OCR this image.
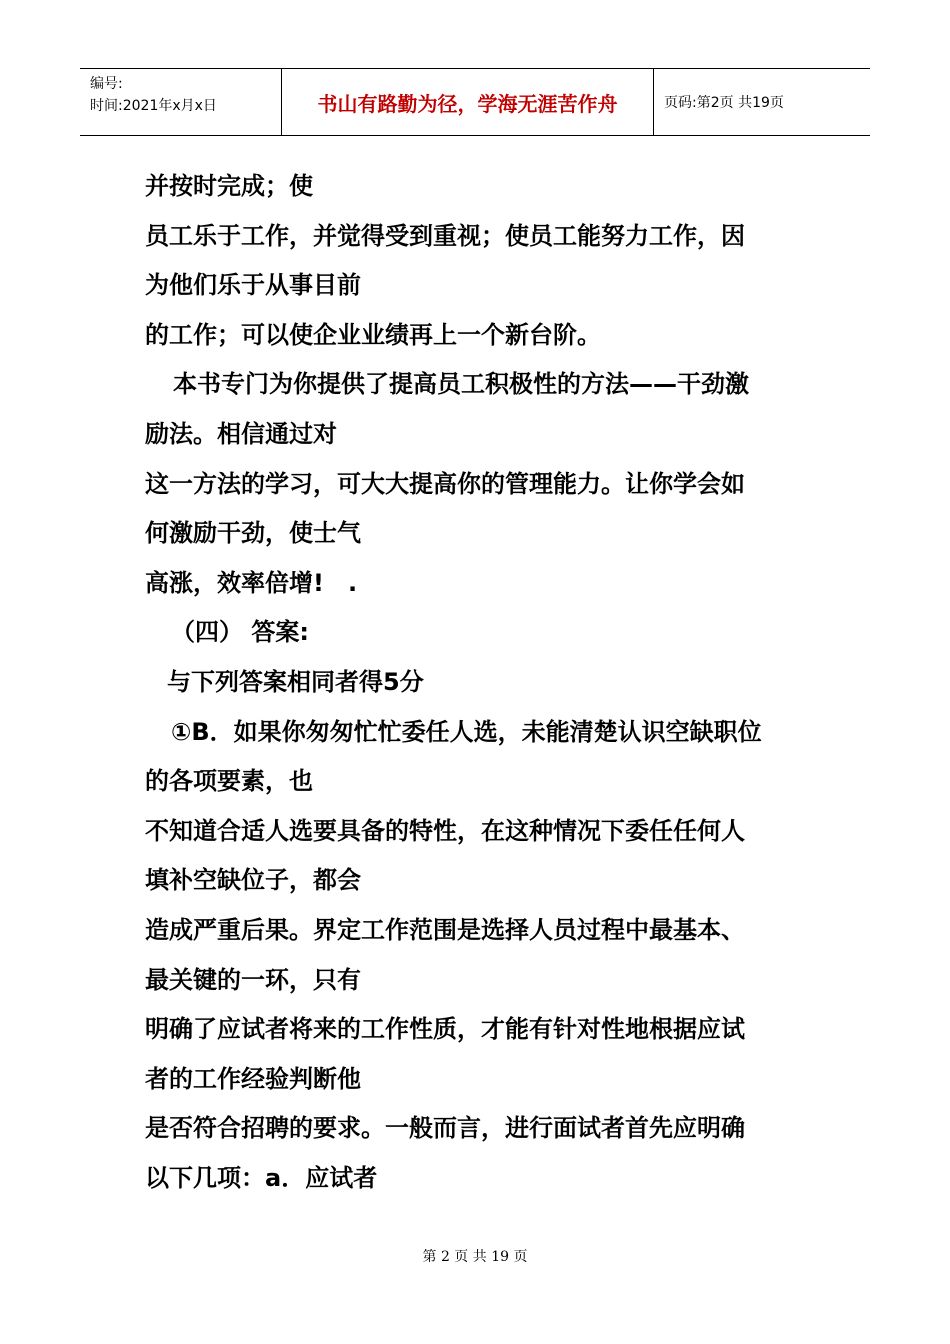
编号:
时间:2021年x月x日	书山有路勤为径，学海无涯苦作舟	页码:第2页 共19页
并按时完成；使
员工乐于工作，并觉得受到重视；使员工能努力工作，因
为他们乐于从事目前
的工作；可以使企业业绩再上一个新台阶。
本书专门为你提供了提高员工积极性的方法——干劲激
励法。相信通过对
这一方法的学习，可大大提高你的管理能力。让你学会如
何激励干劲，使士气
高涨，效率倍增!　.
（四） 答案:
与下列答案相同者得5分
①B．如果你匆匆忙忙委任人选，未能清楚认识空缺职位
的各项要素，也
不知道合适人选要具备的特性，在这种情况下委任任何人
填补空缺位子，都会
造成严重后果。界定工作范围是选择人员过程中最基本、
最关键的一环，只有
明确了应试者将来的工作性质，才能有针对性地根据应试
者的工作经验判断他
是否符合招聘的要求。一般而言，进行面试者首先应明确
以下几项：a．应试者
第 2 页 共 19 页
